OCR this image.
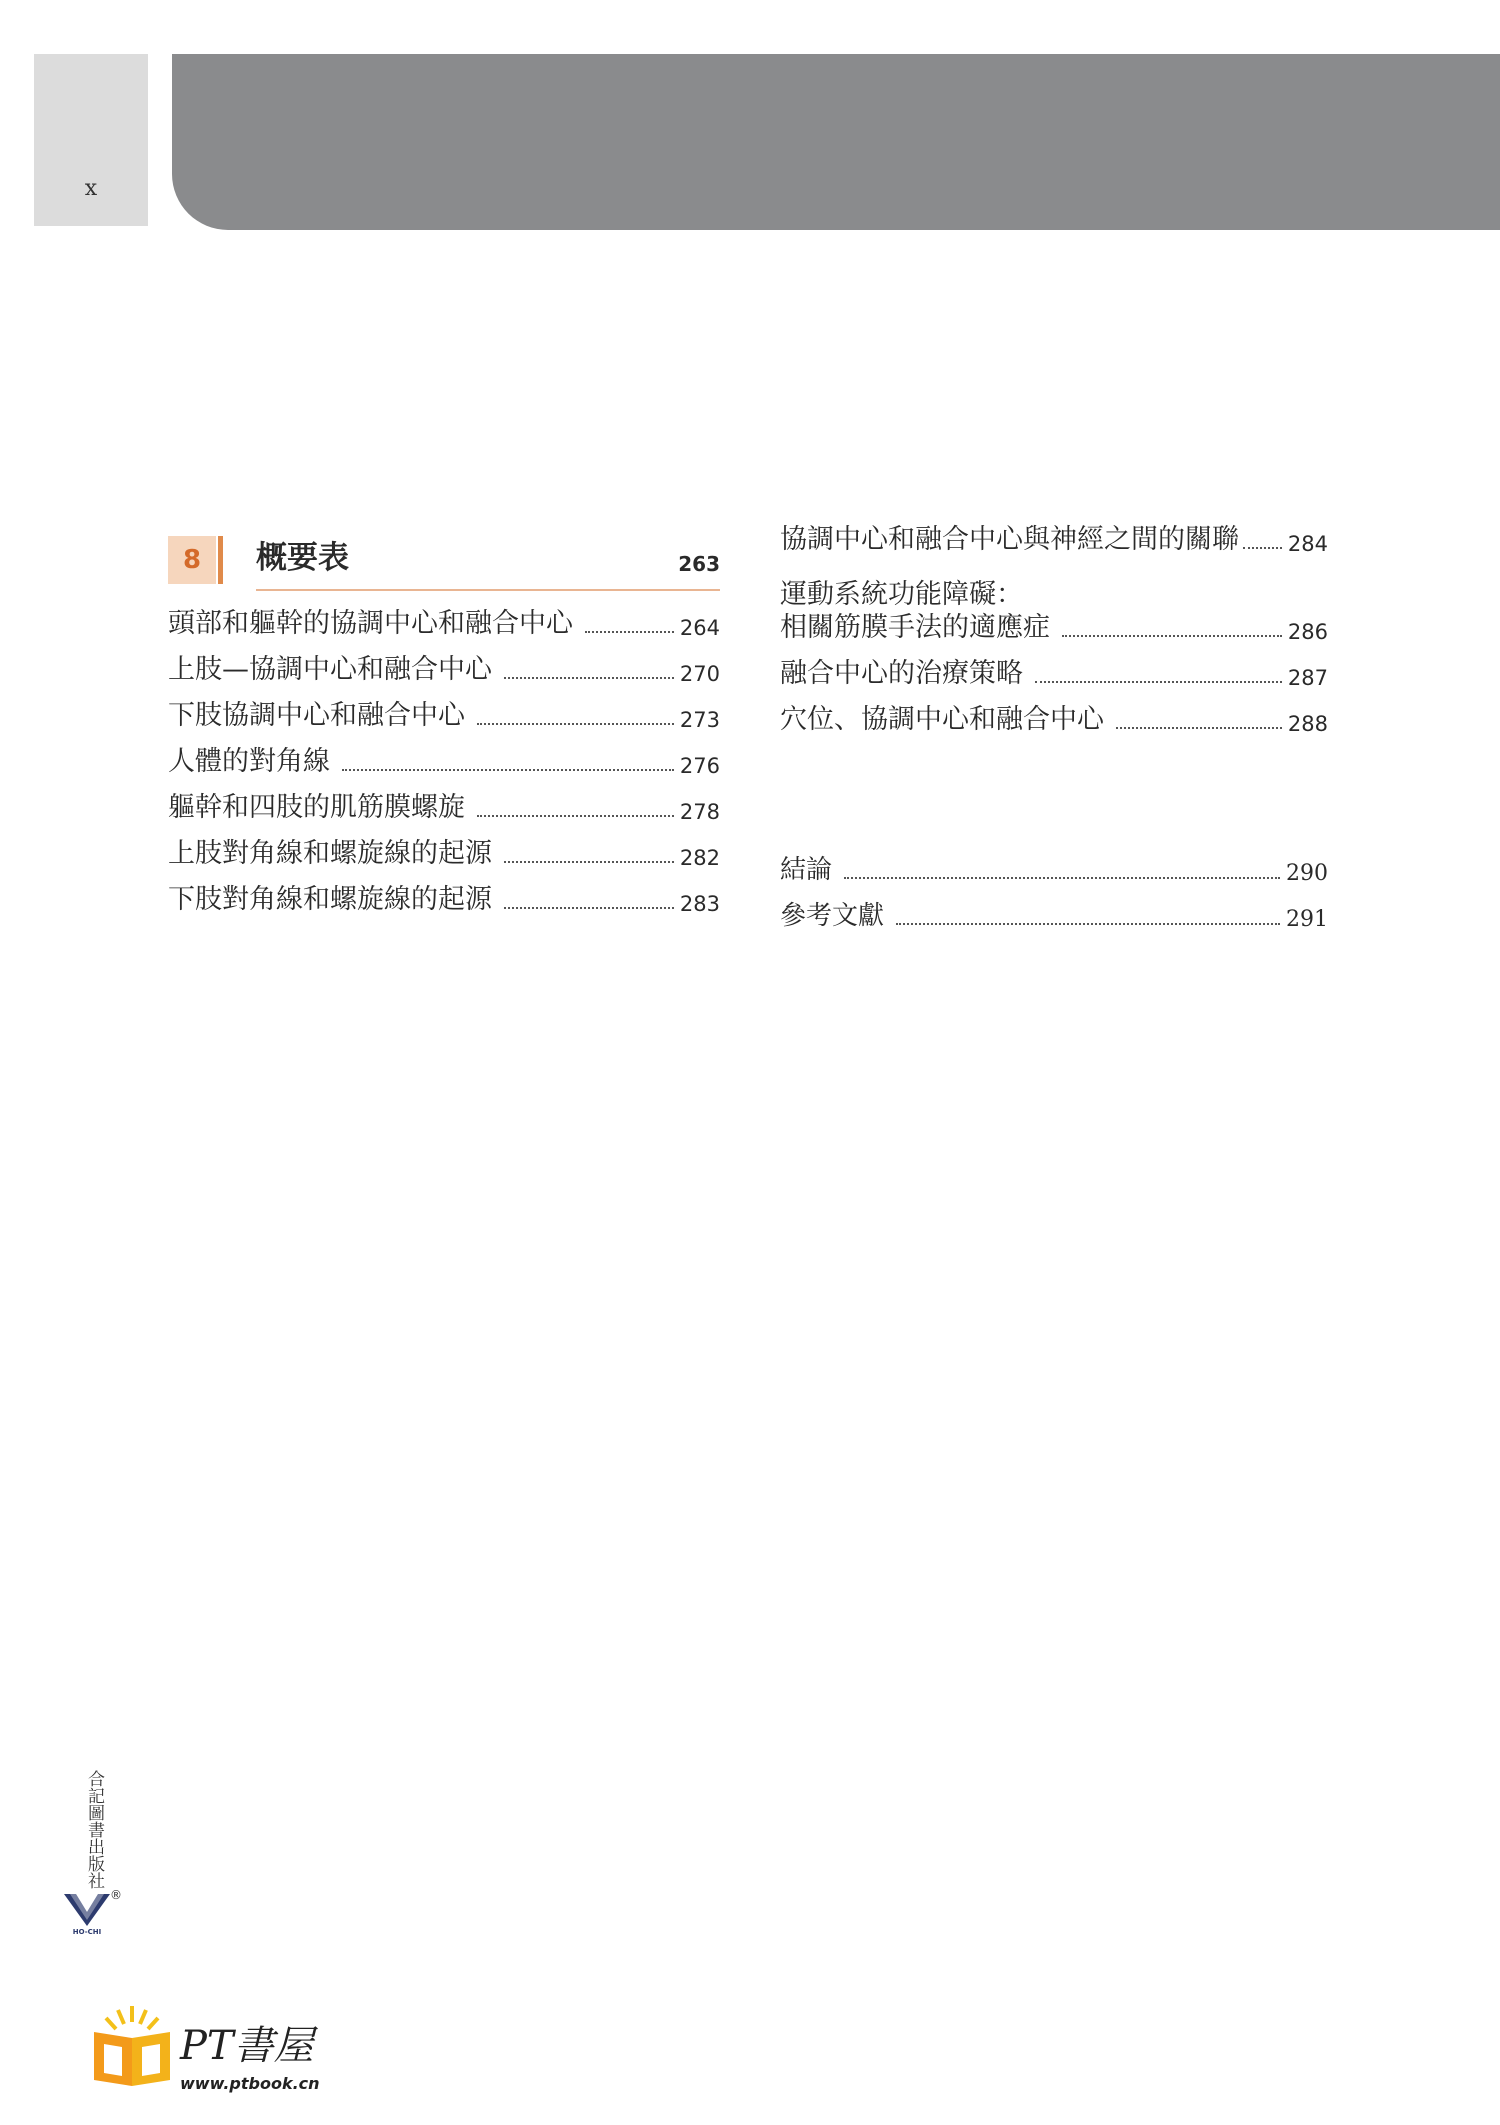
x
8	概要表	263
頭部和軀幹的協調中心和融合中心	264
上肢—協調中心和融合中心	270
下肢協調中心和融合中心	273
人體的對角線	276
軀幹和四肢的肌筋膜螺旋	278
上肢對角線和螺旋線的起源	282
下肢對角線和螺旋線的起源	283
協調中心和融合中心與神經之間的關聯 284
運動系統功能障礙：
相關筋膜手法的適應症	286
融合中心的治療策略	287
穴位、協調中心和融合中心	288
結論	290
參考文獻	291
合記圖書出版社
HO-CHI
®
PT書屋
www.ptbook.cn
